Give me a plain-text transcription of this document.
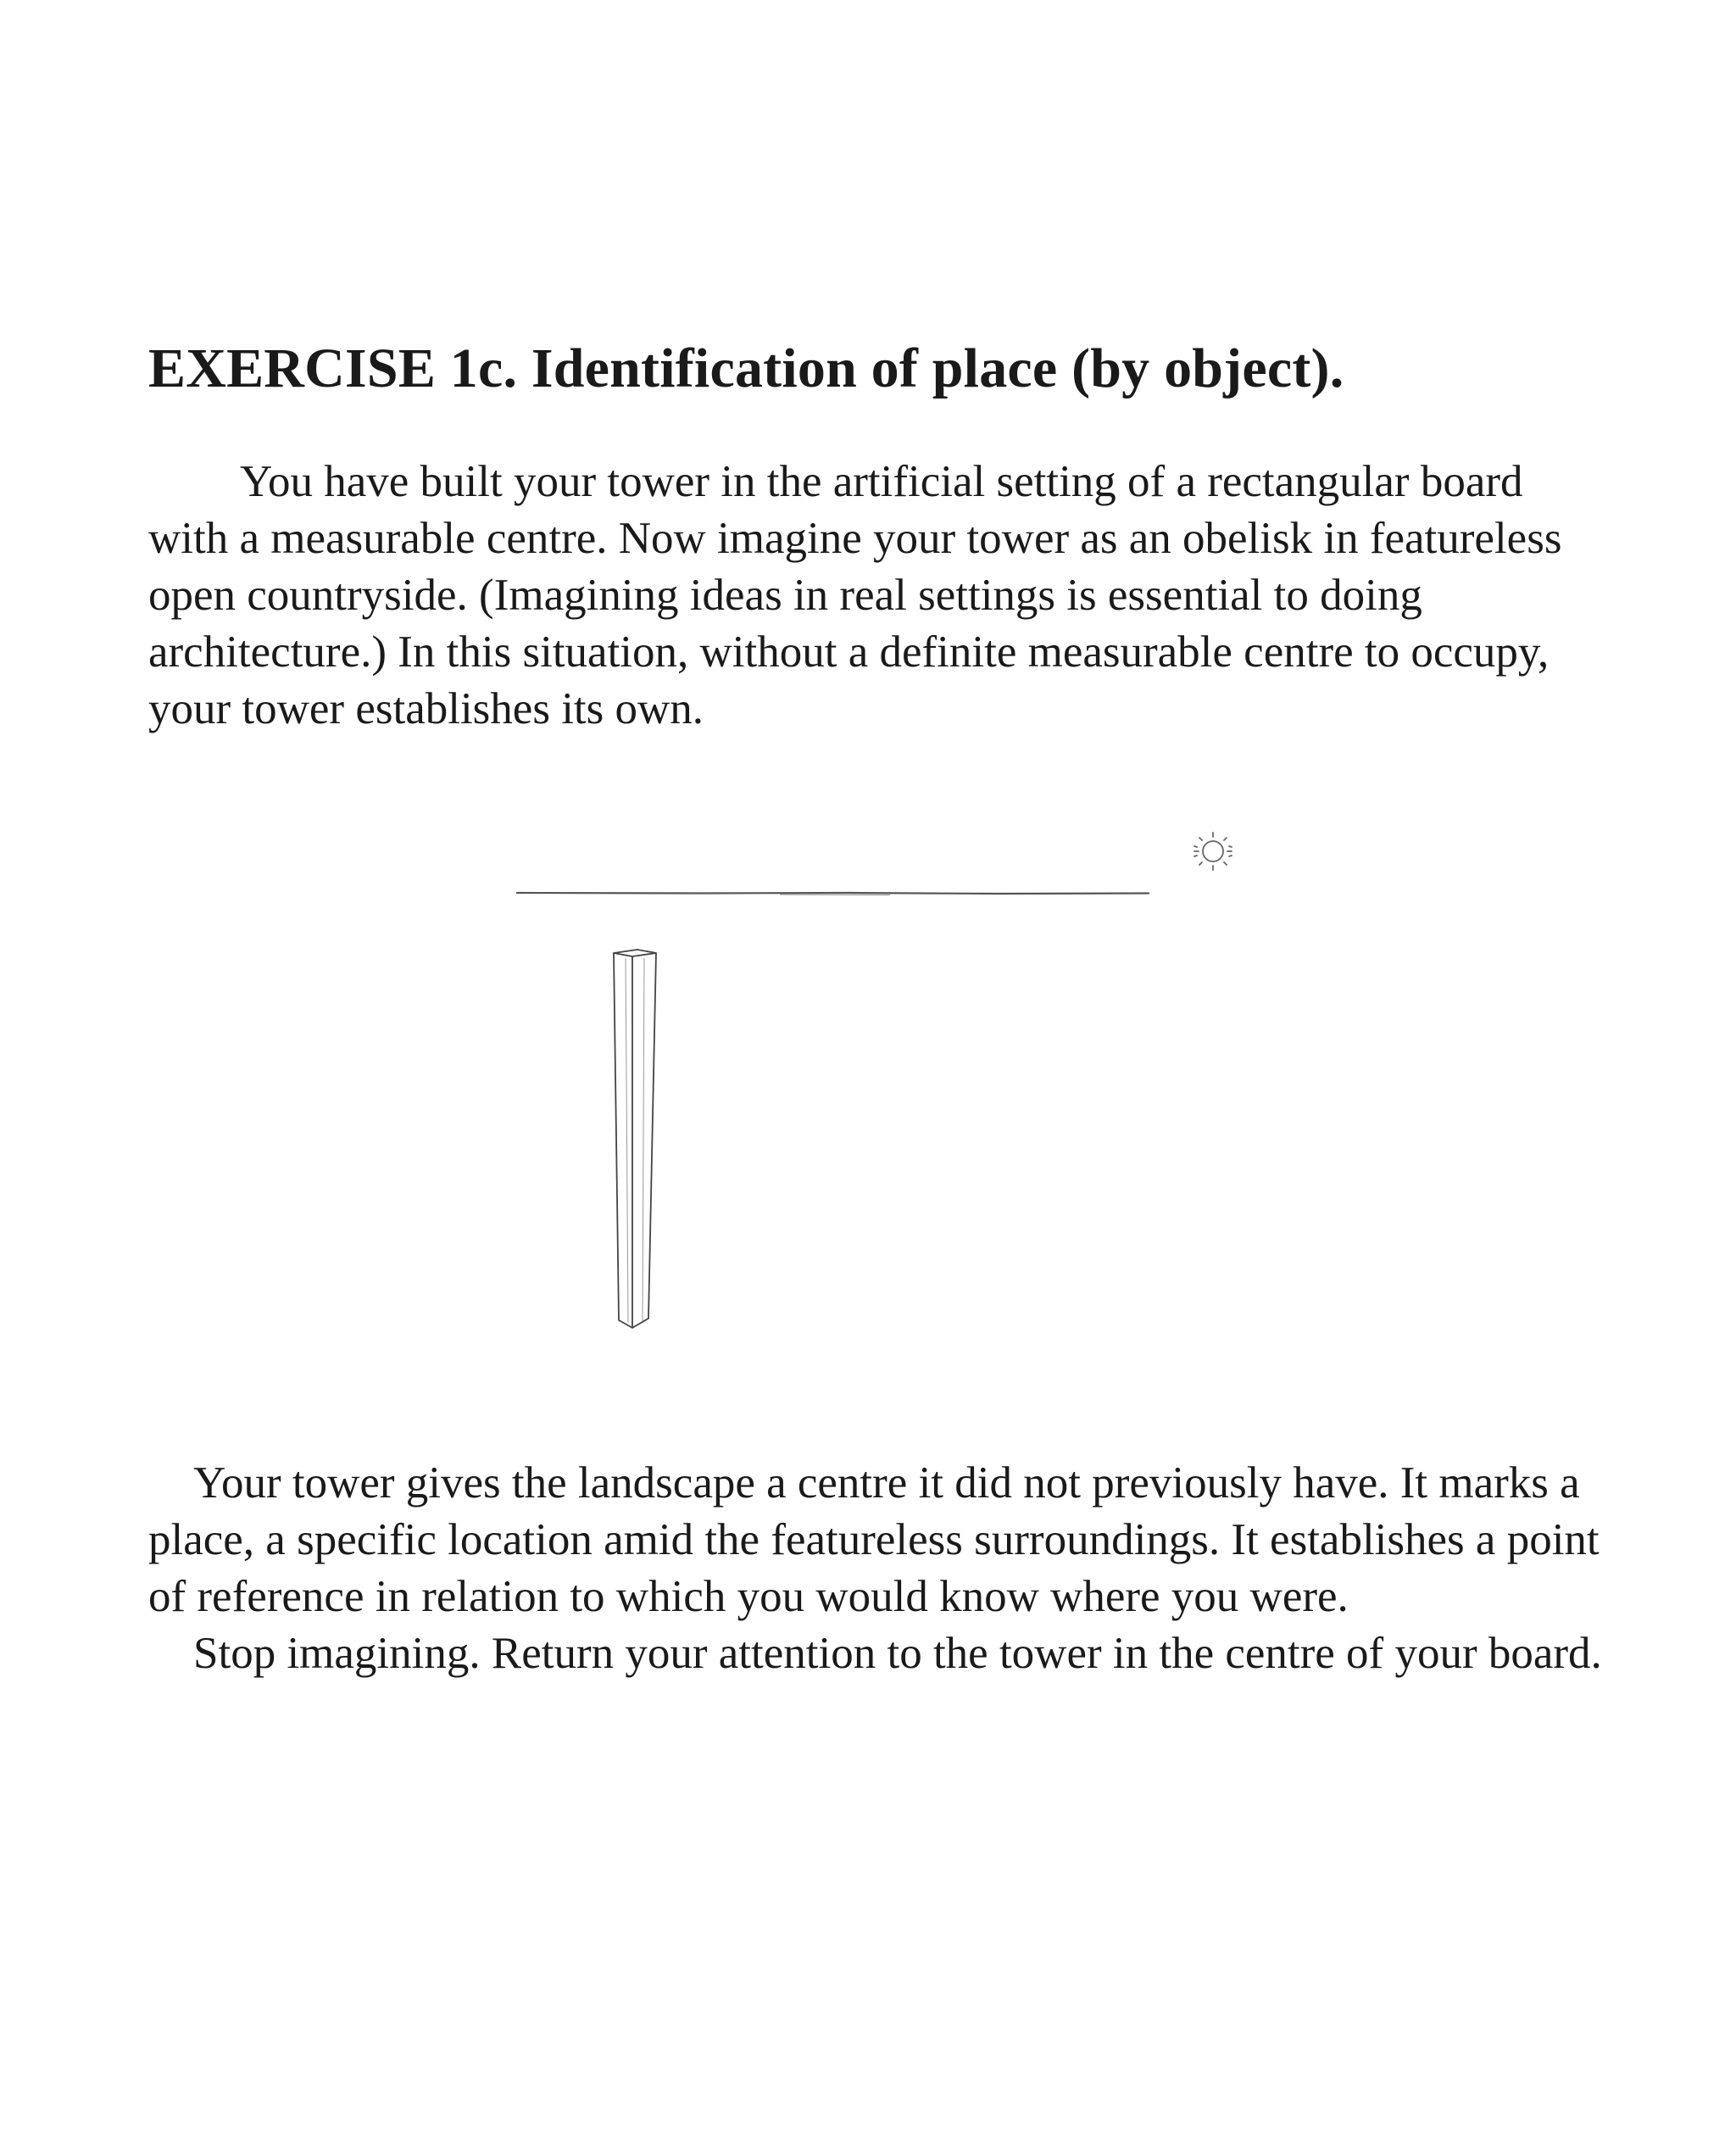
EXERCISE 1c. Identification of place (by object).

You have built your tower in the artificial setting of a rectangular board with a measurable centre. Now imagine your tower as an obelisk in featureless open countryside. (Imagining ideas in real settings is essential to doing architecture.) In this situation, without a definite measurable centre to occupy, your tower establishes its own.

Your tower gives the landscape a centre it did not previously have. It marks a place, a specific location amid the featureless surroundings. It establishes a point of reference in relation to which you would know where you were.

Stop imagining. Return your attention to the tower in the centre of your board.
